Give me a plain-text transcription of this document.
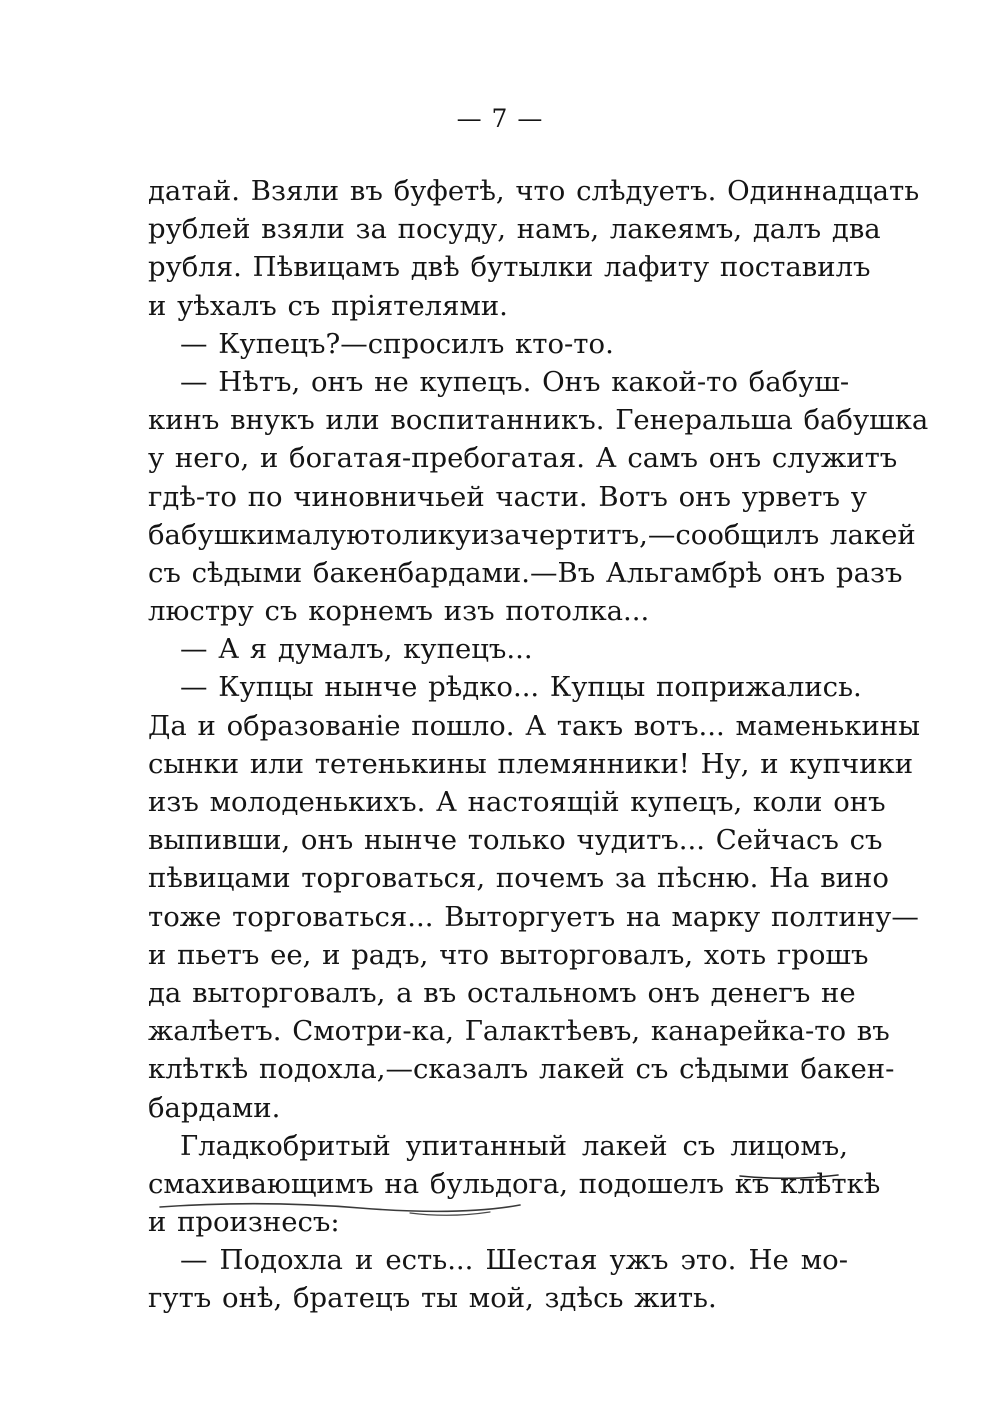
— 7 —
датай. Взяли въ буфетѣ, что слѣдуетъ. Одиннадцать
рублей взяли за посуду, намъ, лакеямъ, далъ два
рубля. Пѣвицамъ двѣ бутылки лафиту поставилъ
и уѣхалъ съ пріятелями.
— Купецъ?—спросилъ кто-то.
— Нѣтъ, онъ не купецъ. Онъ какой-то бабуш-
кинъ внукъ или воспитанникъ. Генеральша бабушка
у него, и богатая-пребогатая. А самъ онъ служитъ
гдѣ-то по чиновничьей части. Вотъ онъ урветъ у
бабушкималуютоликуизачертитъ,—сообщилъ лакей
съ сѣдыми бакенбардами.—Въ Альгамбрѣ онъ разъ
люстру съ корнемъ изъ потолка...
— А я думалъ, купецъ...
— Купцы нынче рѣдко... Купцы поприжались.
Да и образованіе пошло. А такъ вотъ... маменькины
сынки или тетенькины племянники! Ну, и купчики
изъ молоденькихъ. А настоящій купецъ, коли онъ
выпивши, онъ нынче только чудитъ... Сейчасъ съ
пѣвицами торговаться, почемъ за пѣсню. На вино
тоже торговаться... Выторгуетъ на марку полтину—
и пьетъ ее, и радъ, что выторговалъ, хоть грошъ
да выторговалъ, а въ остальномъ онъ денегъ не
жалѣетъ. Смотри-ка, Галактѣевъ, канарейка-то въ
клѣткѣ подохла,—сказалъ лакей съ сѣдыми бакен-
бардами.
Гладкобритый упитанный лакей съ лицомъ,
смахивающимъ на бульдога, подошелъ къ клѣткѣ
и произнесъ:
— Подохла и есть... Шестая ужъ это. Не мо-
гутъ онѣ, братецъ ты мой, здѣсь жить.
